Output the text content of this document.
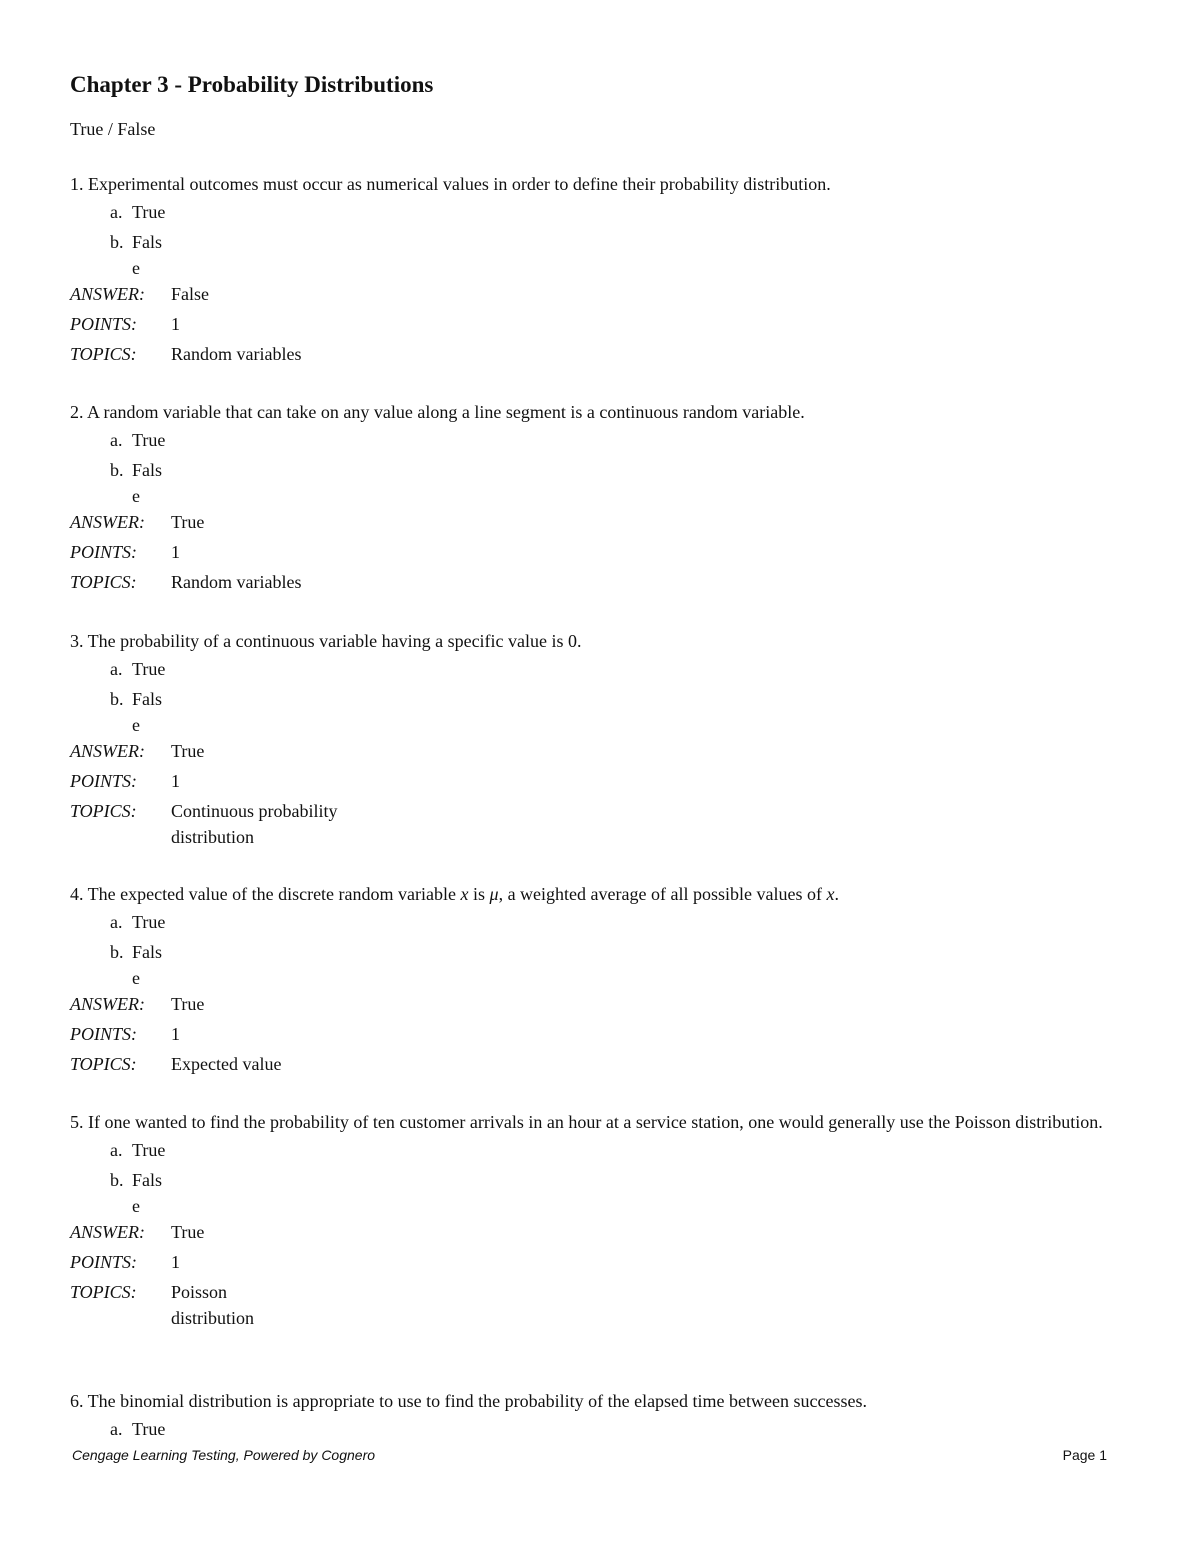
Chapter 3 - Probability Distributions
True / False

1. Experimental outcomes must occur as numerical values in order to define their probability distribution.

a. True
b. False
ANSWER:	False
POINTS:	1
TOPICS:	Random variables

2. A random variable that can take on any value along a line segment is a continuous random variable.

a. True
b. False
ANSWER:	True
POINTS:	1
TOPICS:	Random variables

3. The probability of a continuous variable having a specific value is 0.

a. True
b. False
ANSWER:	True
POINTS:	1
TOPICS:	Continuous probability distribution

4. The expected value of the discrete random variable x is μ, a weighted average of all possible values of x.

a. True
b. False
ANSWER:	True
POINTS:	1
TOPICS:	Expected value

5. If one wanted to find the probability of ten customer arrivals in an hour at a service station, one would generally use the Poisson distribution.

a. True
b. False
ANSWER:	True
POINTS:	1
TOPICS:	Poisson distribution

6. The binomial distribution is appropriate to use to find the probability of the elapsed time between successes.

a. True
Cengage Learning Testing, Powered by Cognero	Page 1
